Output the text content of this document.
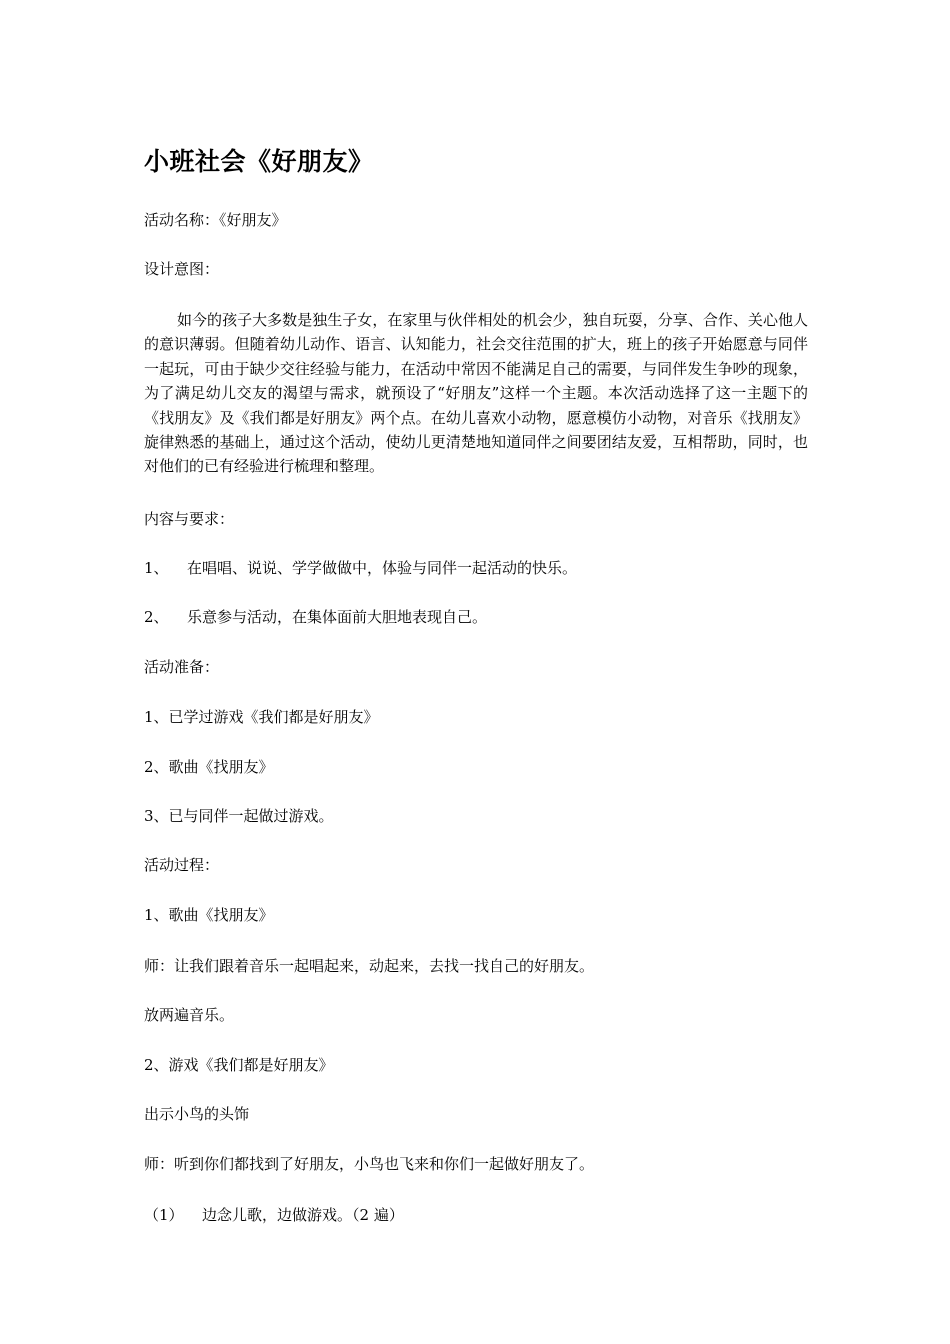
小班社会《好朋友》
活动名称：《好朋友》
设计意图：
如今的孩子大多数是独生子女，在家里与伙伴相处的机会少，独自玩耍，分享、合作、关心他人的意识薄弱。但随着幼儿动作、语言、认知能力，社会交往范围的扩大，班上的孩子开始愿意与同伴一起玩，可由于缺少交往经验与能力，在活动中常因不能满足自己的需要，与同伴发生争吵的现象，为了满足幼儿交友的渴望与需求，就预设了“好朋友”这样一个主题。本次活动选择了这一主题下的《找朋友》及《我们都是好朋友》两个点。在幼儿喜欢小动物，愿意模仿小动物，对音乐《找朋友》旋律熟悉的基础上，通过这个活动，使幼儿更清楚地知道同伴之间要团结友爱，互相帮助，同时，也对他们的已有经验进行梳理和整理。
内容与要求：
1、 在唱唱、说说、学学做做中，体验与同伴一起活动的快乐。
2、 乐意参与活动，在集体面前大胆地表现自己。
活动准备：
1、已学过游戏《我们都是好朋友》
2、歌曲《找朋友》
3、已与同伴一起做过游戏。
活动过程：
1、歌曲《找朋友》
师：让我们跟着音乐一起唱起来，动起来，去找一找自己的好朋友。
放两遍音乐。
2、游戏《我们都是好朋友》
出示小鸟的头饰
师：听到你们都找到了好朋友，小鸟也飞来和你们一起做好朋友了。
（1） 边念儿歌，边做游戏。（2 遍）
